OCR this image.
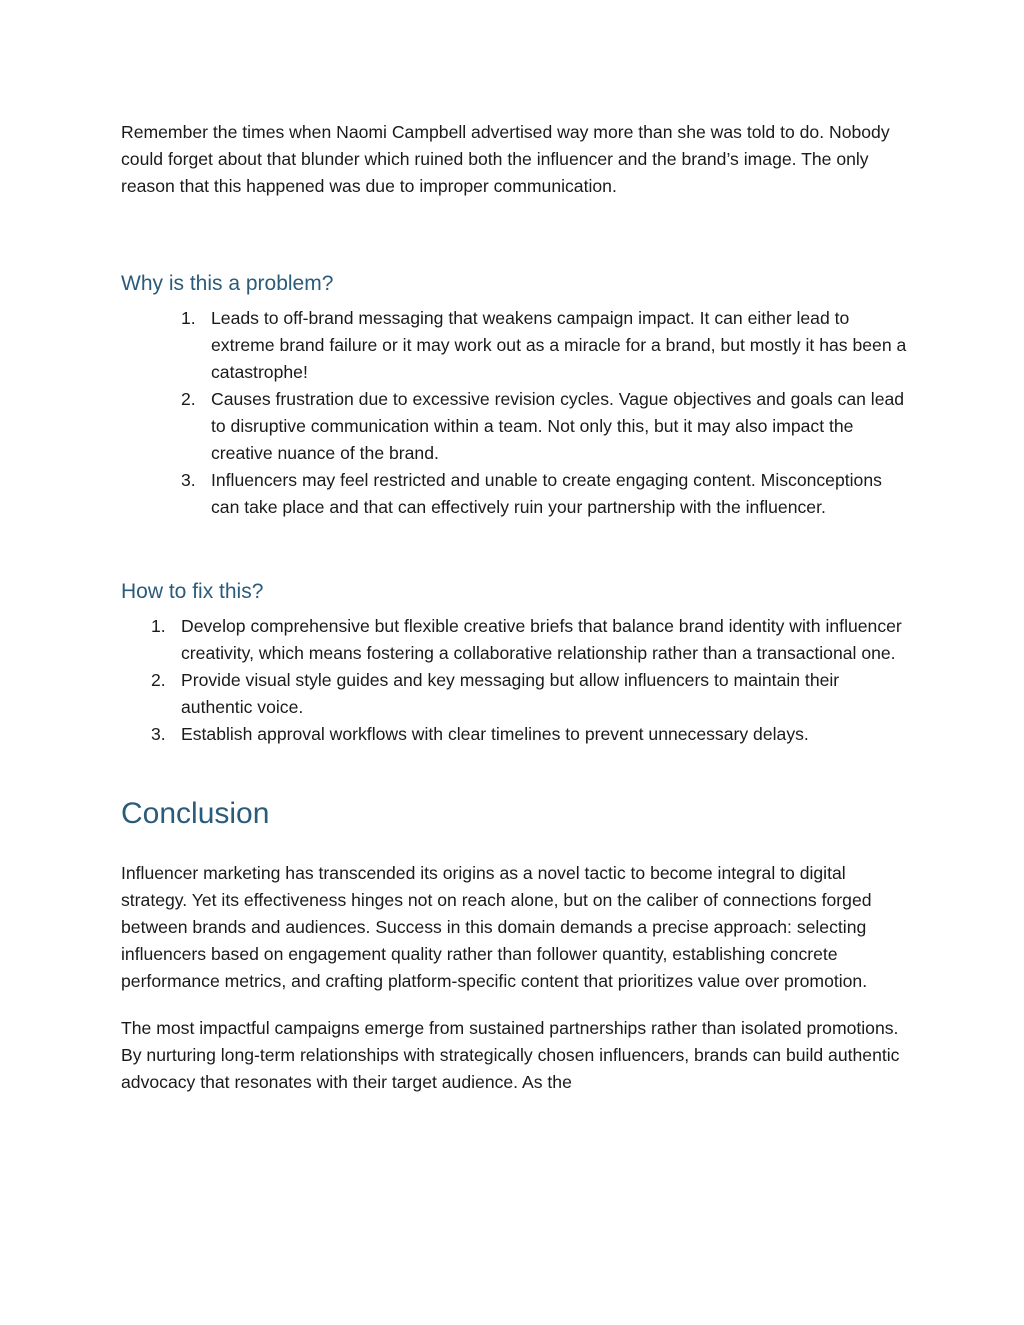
Remember the times when Naomi Campbell advertised way more than she was told to do. Nobody could forget about that blunder which ruined both the influencer and the brand’s image. The only reason that this happened was due to improper communication.

Why is this a problem?
1. Leads to off-brand messaging that weakens campaign impact. It can either lead to extreme brand failure or it may work out as a miracle for a brand, but mostly it has been a catastrophe!
2. Causes frustration due to excessive revision cycles. Vague objectives and goals can lead to disruptive communication within a team. Not only this, but it may also impact the creative nuance of the brand.
3. Influencers may feel restricted and unable to create engaging content. Misconceptions can take place and that can effectively ruin your partnership with the influencer.
How to fix this?
1. Develop comprehensive but flexible creative briefs that balance brand identity with influencer creativity, which means fostering a collaborative relationship rather than a transactional one.
2. Provide visual style guides and key messaging but allow influencers to maintain their authentic voice.
3. Establish approval workflows with clear timelines to prevent unnecessary delays.
Conclusion

Influencer marketing has transcended its origins as a novel tactic to become integral to digital strategy. Yet its effectiveness hinges not on reach alone, but on the caliber of connections forged between brands and audiences. Success in this domain demands a precise approach: selecting influencers based on engagement quality rather than follower quantity, establishing concrete performance metrics, and crafting platform-specific content that prioritizes value over promotion.

The most impactful campaigns emerge from sustained partnerships rather than isolated promotions. By nurturing long-term relationships with strategically chosen influencers, brands can build authentic advocacy that resonates with their target audience. As the
